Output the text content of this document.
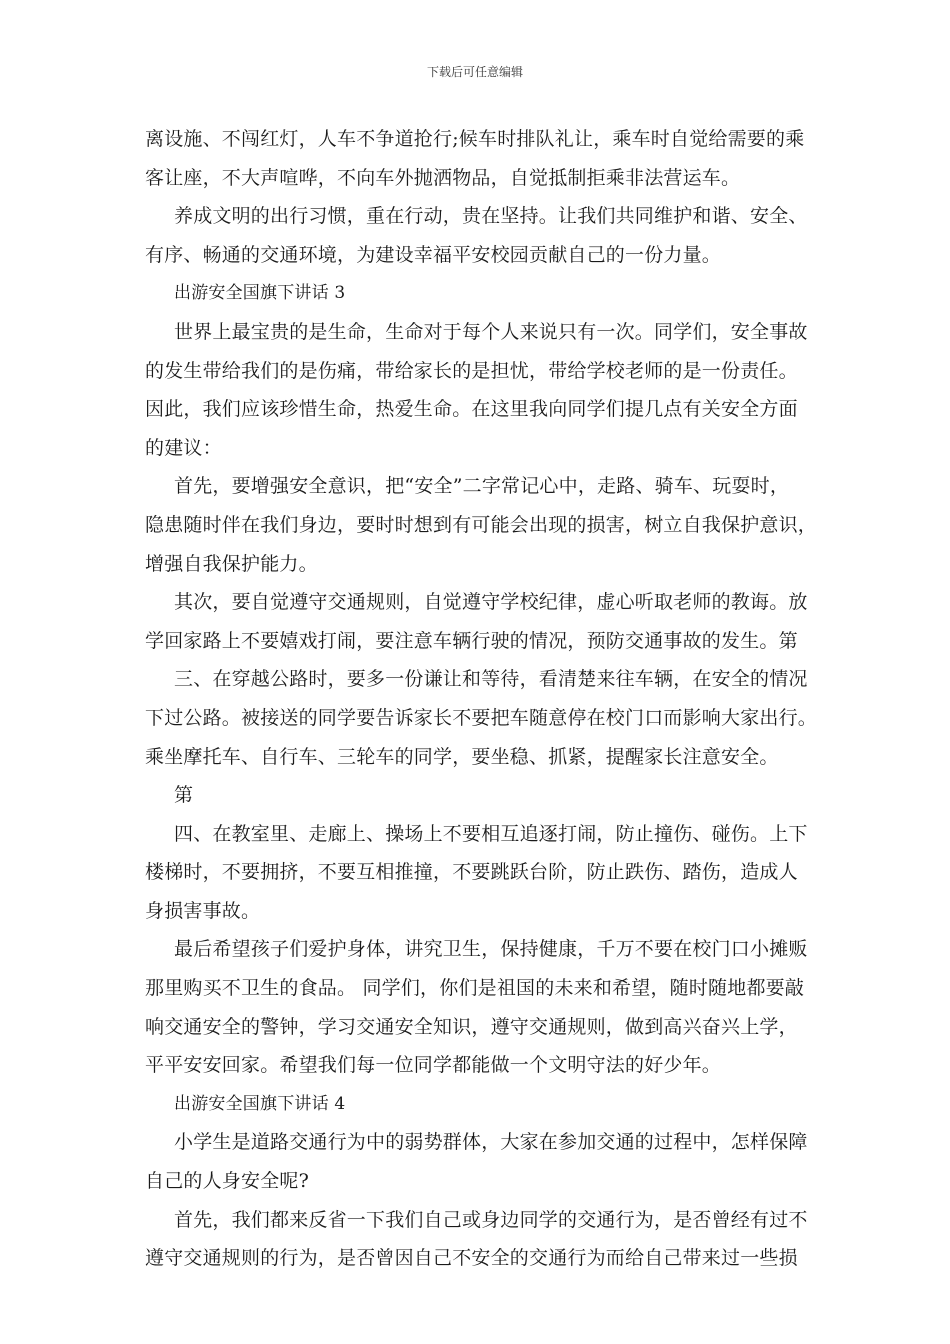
下载后可任意编辑
离设施、不闯红灯，人车不争道抢行;候车时排队礼让，乘车时自觉给需要的乘
客让座，不大声喧哗，不向车外抛洒物品，自觉抵制拒乘非法营运车。
养成文明的出行习惯，重在行动，贵在坚持。让我们共同维护和谐、安全、
有序、畅通的交通环境，为建设幸福平安校园贡献自己的一份力量。
出游安全国旗下讲话 3
世界上最宝贵的是生命，生命对于每个人来说只有一次。同学们，安全事故
的发生带给我们的是伤痛，带给家长的是担忧，带给学校老师的是一份责任。
因此，我们应该珍惜生命，热爱生命。在这里我向同学们提几点有关安全方面
的建议：
首先，要增强安全意识，把“安全”二字常记心中，走路、骑车、玩耍时，
隐患随时伴在我们身边，要时时想到有可能会出现的损害，树立自我保护意识，
增强自我保护能力。
其次，要自觉遵守交通规则，自觉遵守学校纪律，虚心听取老师的教诲。放
学回家路上不要嬉戏打闹，要注意车辆行驶的情况，预防交通事故的发生。第
三、在穿越公路时，要多一份谦让和等待，看清楚来往车辆，在安全的情况
下过公路。被接送的同学要告诉家长不要把车随意停在校门口而影响大家出行。
乘坐摩托车、自行车、三轮车的同学，要坐稳、抓紧，提醒家长注意安全。
第
四、在教室里、走廊上、操场上不要相互追逐打闹，防止撞伤、碰伤。上下
楼梯时，不要拥挤，不要互相推撞，不要跳跃台阶，防止跌伤、踏伤，造成人
身损害事故。
最后希望孩子们爱护身体，讲究卫生，保持健康，千万不要在校门口小摊贩
那里购买不卫生的食品。 同学们，你们是祖国的未来和希望，随时随地都要敲
响交通安全的警钟，学习交通安全知识，遵守交通规则，做到高兴奋兴上学，
平平安安回家。希望我们每一位同学都能做一个文明守法的好少年。
出游安全国旗下讲话 4
小学生是道路交通行为中的弱势群体，大家在参加交通的过程中，怎样保障
自己的人身安全呢?
首先，我们都来反省一下我们自己或身边同学的交通行为，是否曾经有过不
遵守交通规则的行为，是否曾因自己不安全的交通行为而给自己带来过一些损
